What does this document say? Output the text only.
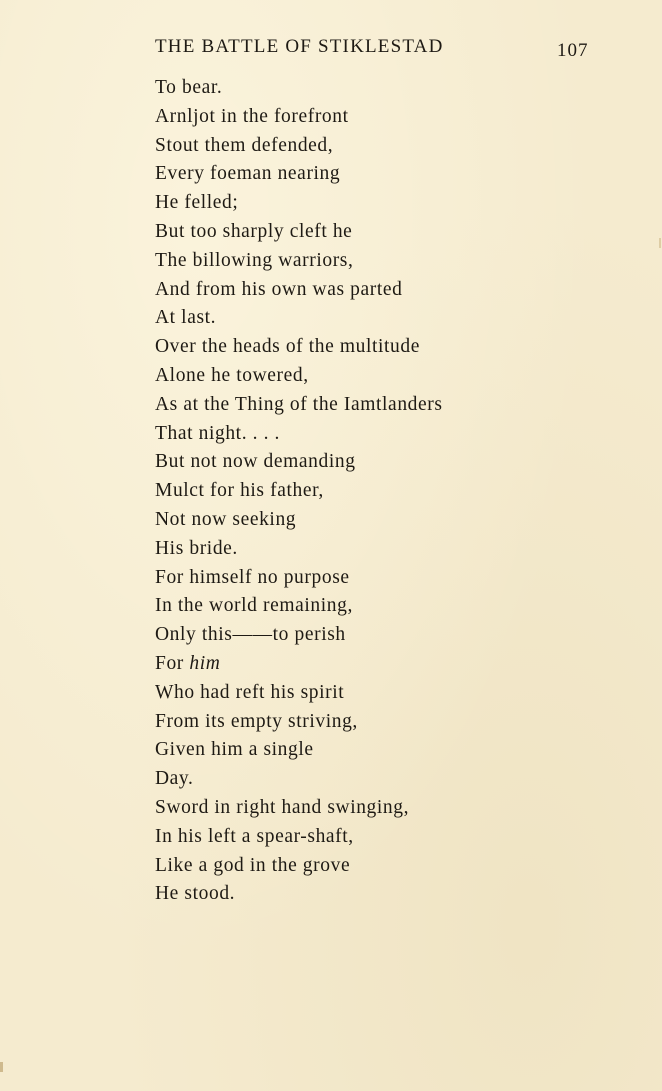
THE BATTLE OF STIKLESTAD	107
To bear.
Arnljot in the forefront
Stout them defended,
Every foeman nearing
He felled;
But too sharply cleft he
The billowing warriors,
And from his own was parted
At last.
Over the heads of the multitude
Alone he towered,
As at the Thing of the Iamtlanders
That night. . . .
But not now demanding
Mulct for his father,
Not now seeking
His bride.
For himself no purpose
In the world remaining,
Only this——to perish
For him
Who had reft his spirit
From its empty striving,
Given him a single
Day.
Sword in right hand swinging,
In his left a spear-shaft,
Like a god in the grove
He stood.
